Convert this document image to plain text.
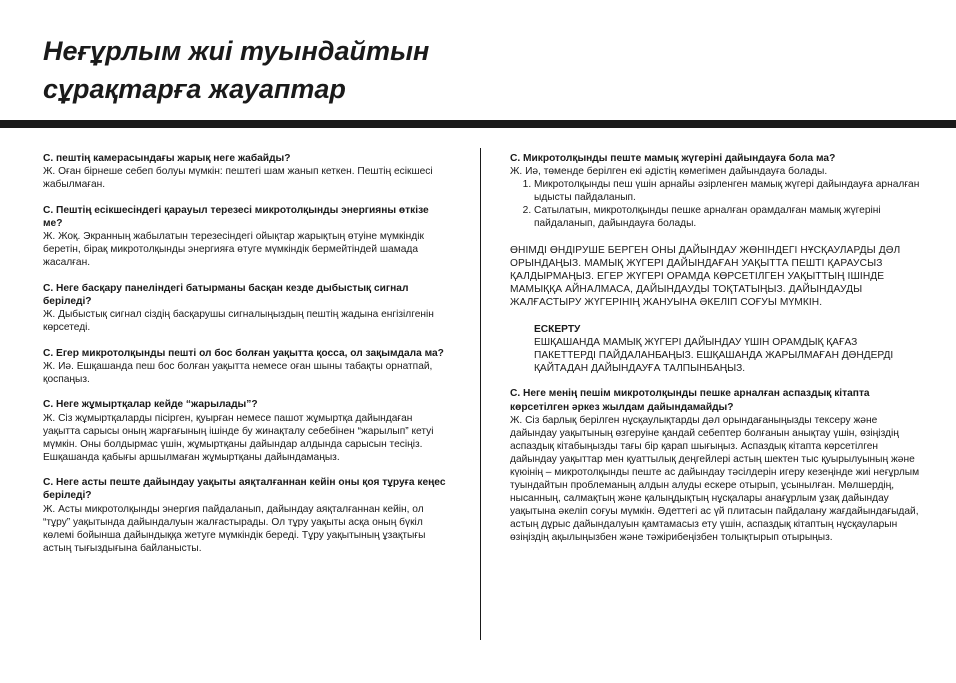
Неғұрлым жиі туындайтын
сұрақтарға жауаптар
С. пештің камерасындағы жарық неге жабайды?
Ж. Оған бірнеше себеп болуы мүмкін: пештегі шам жанып кеткен. Пештің есікшесі жабылмаған.
С. Пештің есікшесіндегі қарауыл терезесі микротолқынды энергияны өткізе ме?
Ж. Жоқ. Экранның жабылатын терезесіндегі ойықтар жарықтың өтуіне мүмкіндік беретін, бірақ микротолқынды энергияға өтуге мүмкіндік бермейтіндей шамада жасалған.
С. Неге басқару панеліндегі батырманы басқан кезде дыбыстық сигнал беріледі?
Ж. Дыбыстық сигнал сіздің басқарушы сигналыңыздың пештің жадына енгізілгенін көрсетеді.
С. Егер микротолқынды пешті ол бос болған уақытта қосса, ол зақымдала ма?
Ж. Иә. Ешқашанда пеш бос болған уақытта немесе оған шыны табақты орнатпай, қоспаңыз.
С. Неге жұмыртқалар кейде “жарылады”?
Ж. Сіз жұмыртқаларды пісірген, қуырған немесе пашот жұмыртқа дайындаған уақытта сарысы оның жарғағының ішінде бу жинақталу себебінен “жарылып” кетуі мүмкін. Оны болдырмас үшін, жұмыртқаны дайындар алдында сарысын тесіңіз. Ешқашанда қабығы аршылмаған жұмыртқаны дайындамаңыз.
С. Неге асты пеште дайындау уақыты аяқталғаннан кейін оны қоя тұруға кеңес беріледі?
Ж. Асты микротолқынды энергия пайдаланып, дайындау аяқталғаннан кейін, ол “тұру” уақытында дайындалуын жалғастырады. Ол тұру уақыты асқа оның бүкіл көлемі бойынша дайындыққа жетуге мүмкіндік береді. Тұру уақытының ұзақтығы астың тығыздығына байланысты.
С. Микротолқынды пеште мамық жүгеріні дайындауға бола ма?
Ж. Иә, төменде берілген екі әдістің көмегімен дайындауға болады.
1. Микротолқынды пеш үшін арнайы әзірленген мамық жүгері дайындауға арналған ыдысты пайдаланып.
2. Сатылатын, микротолқынды пешке арналған орамдалған мамық жүгеріні пайдаланып, дайындауға болады.
ӨНІМДІ ӨНДІРУШЕ БЕРГЕН ОНЫ ДАЙЫНДАУ ЖӨНІНДЕГІ НҰСҚАУЛАРДЫ ДӘЛ ОРЫНДАҢЫЗ. МАМЫҚ ЖҮГЕРІ ДАЙЫНДАҒАН УАҚЫТТА ПЕШТІ ҚАРАУСЫЗ ҚАЛДЫРМАҢЫЗ. ЕГЕР ЖҮГЕРІ ОРАМДА КӨРСЕТІЛГЕН УАҚЫТТЫҢ ІШІНДЕ МАМЫҚҚА АЙНАЛМАСА, ДАЙЫНДАУДЫ ТОҚТАТЫҢЫЗ. ДАЙЫНДАУДЫ ЖАЛҒАСТЫРУ ЖҮГЕРІНІҢ ЖАНУЫНА ӘКЕЛІП СОҒУЫ МҮМКІН.
ЕСКЕРТУ
ЕШҚАШАНДА МАМЫҚ ЖҮГЕРІ ДАЙЫНДАУ ҮШІН ОРАМДЫҚ ҚАҒАЗ ПАКЕТТЕРДІ ПАЙДАЛАНБАҢЫЗ. ЕШҚАШАНДА ЖАРЫЛМАҒАН ДӘНДЕРДІ ҚАЙТАДАН ДАЙЫНДАУҒА ТАЛПЫНБАҢЫЗ.
С. Неге менің пешім микротолқынды пешке арналған аспаздық кітапта көрсетілген әркез жылдам дайындамайды?
Ж. Сіз барлық берілген нұсқаулықтарды дәл орындағаныңызды тексеру және дайындау уақытының өзгеруіне қандай себептер болғанын анықтау үшін, өзіңіздің аспаздық кітабыңызды тағы бір қарап шығыңыз. Аспаздық кітапта көрсетілген дайындау уақыттар мен қуаттылық деңгейлері астың шектен тыс қуырылуының және күюінің – микротолқынды пеште ас дайындау тәсілдерін игеру кезеңінде жиі неғұрлым туындайтын проблеманың алдын алуды ескере отырып, ұсынылған. Мөлшердің, нысанның, салмақтың және қалыңдықтың нұсқалары анағұрлым ұзақ дайындау уақытына әкеліп соғуы мүмкін. Әдеттегі ас үй плитасын пайдалану жағдайындағыдай, астың дұрыс дайындалуын қамтамасыз ету үшін, аспаздық кітаптың нұсқауларын өзіңіздің ақылыңызбен және тәжірибеңізбен толықтырып отырыңыз.
